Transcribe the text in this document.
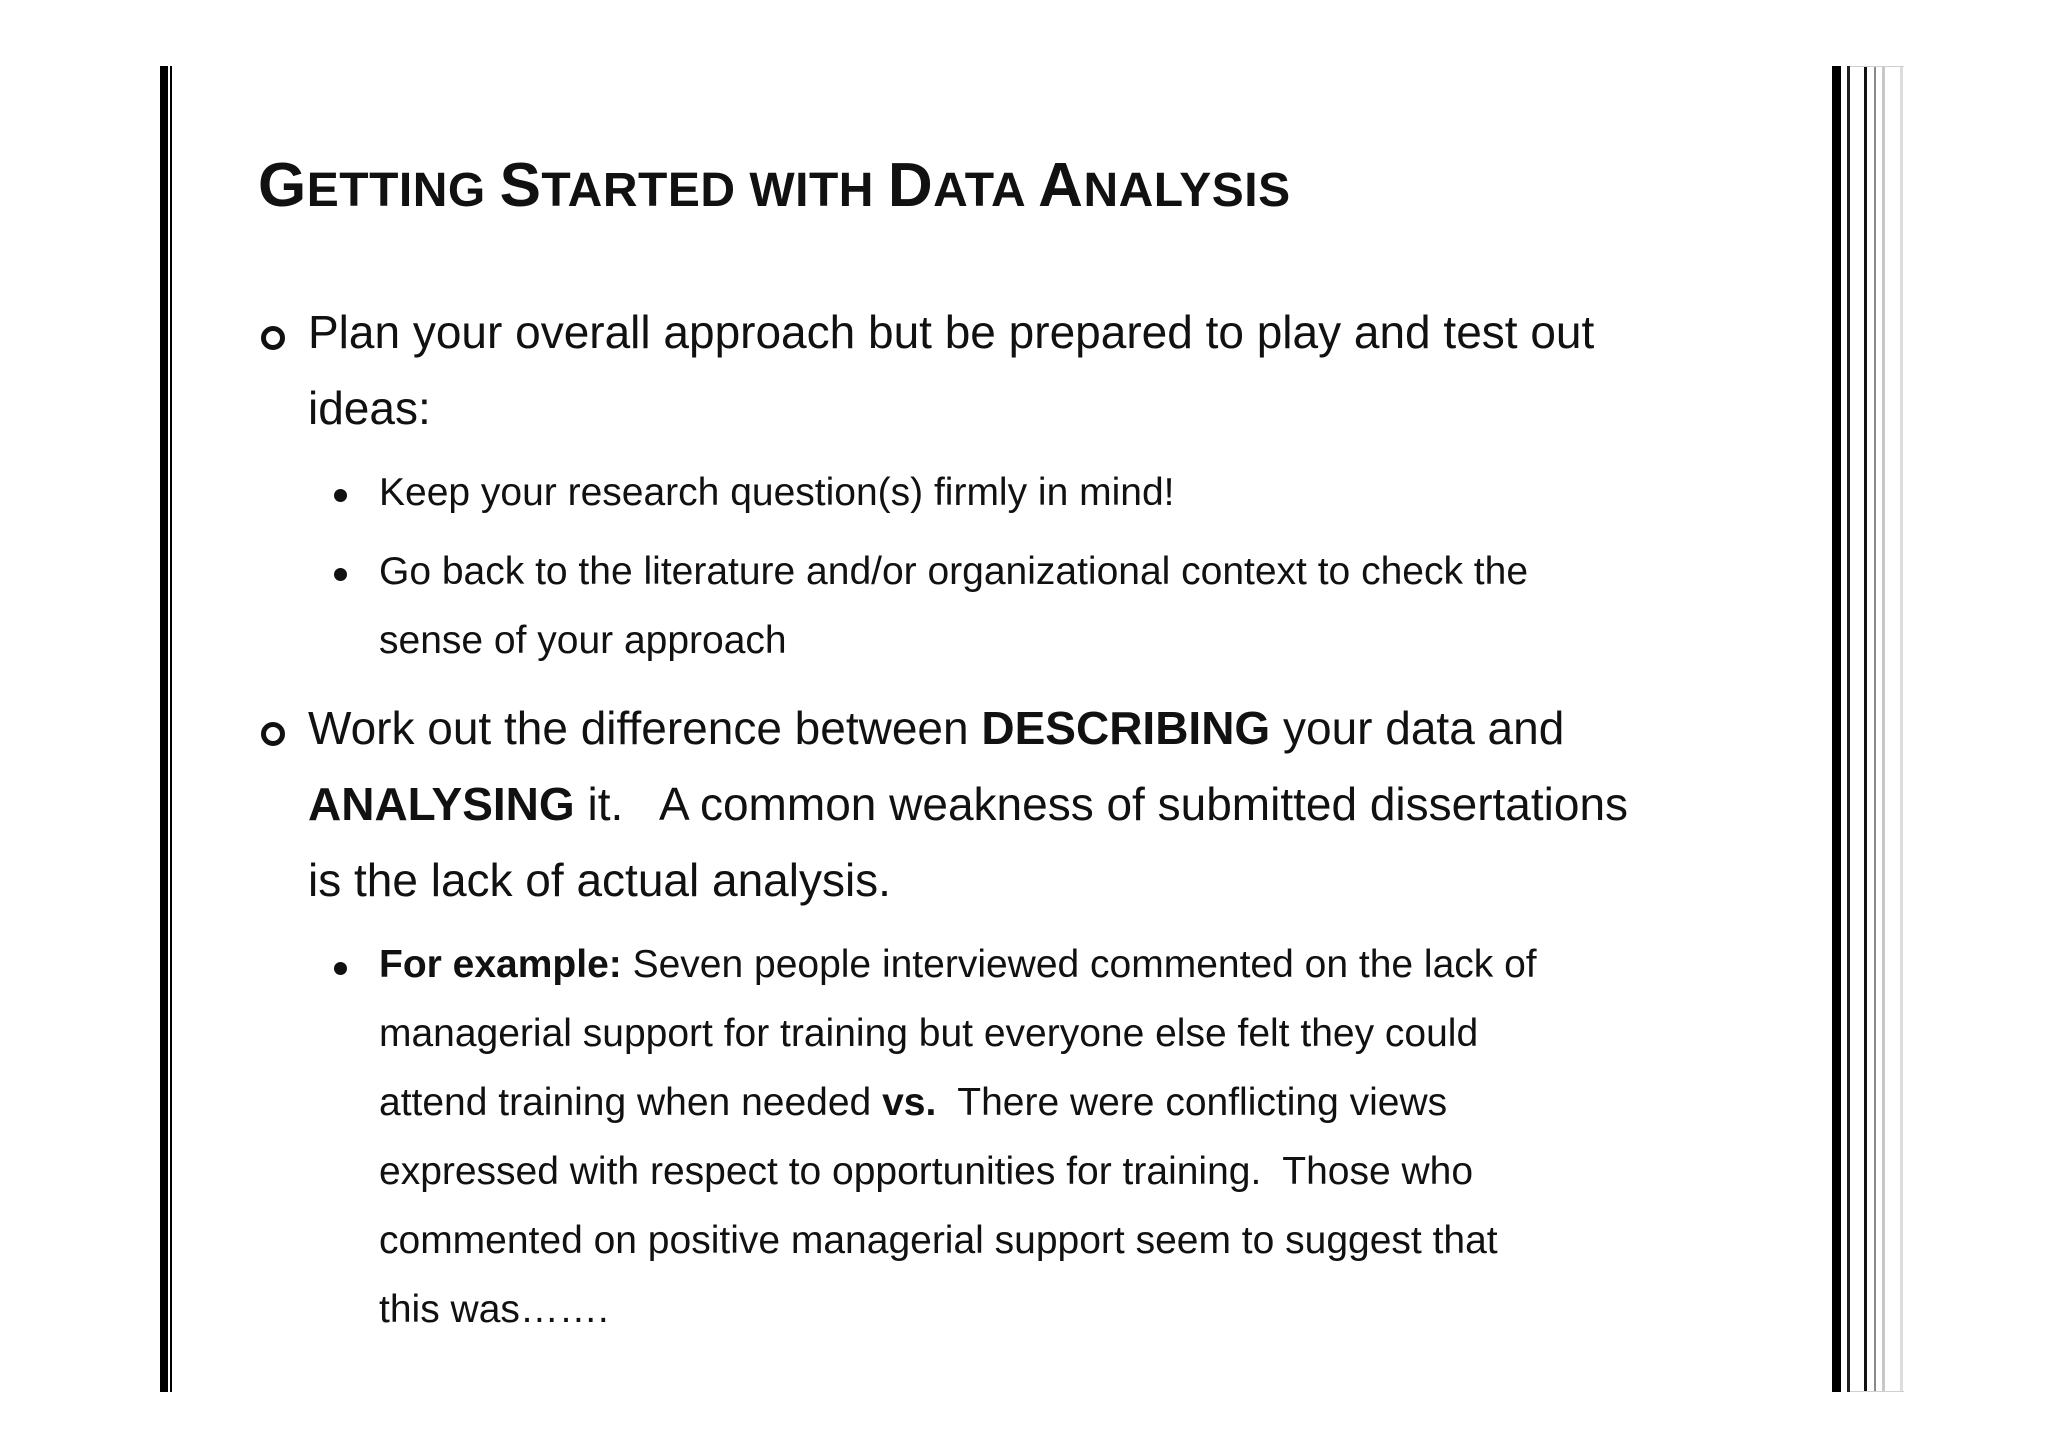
GETTING STARTED WITH DATA ANALYSIS

Plan your overall approach but be prepared to play and test out

ideas:

Keep your research question(s) firmly in mind!

Go back to the literature and/or organizational context to check the

sense of your approach

Work out the difference between DESCRIBING your data and

ANALYSING it.   A common weakness of submitted dissertations

is the lack of actual analysis.

For example: Seven people interviewed commented on the lack of

managerial support for training but everyone else felt they could

attend training when needed vs.  There were conflicting views

expressed with respect to opportunities for training.  Those who

commented on positive managerial support seem to suggest that

this was…….
